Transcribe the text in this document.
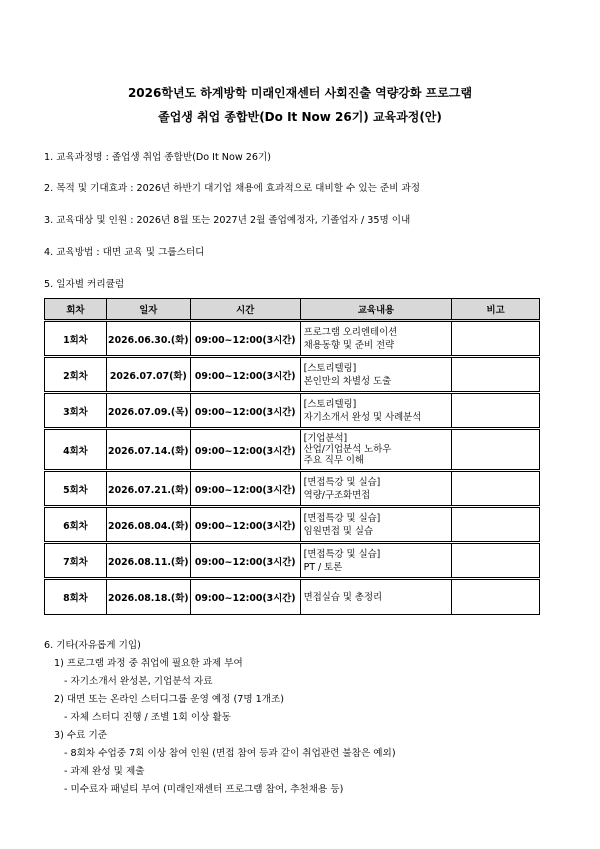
2026학년도 하계방학 미래인재센터 사회진출 역량강화 프로그램
졸업생 취업 종합반(Do It Now 26기) 교육과정(안)
1. 교육과정명 : 졸업생 취업 종합반(Do It Now 26기)
2. 목적 및 기대효과 : 2026년 하반기 대기업 채용에 효과적으로 대비할 수 있는 준비 과정
3. 교육대상 및 인원 : 2026년 8월 또는 2027년 2월 졸업예정자, 기졸업자 / 35명 이내
4. 교육방법 : 대면 교육 및 그룹스터디
5. 일자별 커리큘럼
회차	일자	시간	교육내용	비고
1회차	2026.06.30.(화)	09:00~12:00(3시간)	프로그램 오리엔테이션
채용동향 및 준비 전략	

2회차	2026.07.07(화)	09:00~12:00(3시간)	[스토리텔링]
본인만의 차별성 도출	

3회차	2026.07.09.(목)	09:00~12:00(3시간)	[스토리텔링]
자기소개서 완성 및 사례분석	

4회차	2026.07.14.(화)	09:00~12:00(3시간)	[기업분석]
산업/기업분석 노하우
주요 직무 이해	

5회차	2026.07.21.(화)	09:00~12:00(3시간)	[면접특강 및 실습]
역량/구조화면접	

6회차	2026.08.04.(화)	09:00~12:00(3시간)	[면접특강 및 실습]
임원면접 및 실습	

7회차	2026.08.11.(화)	09:00~12:00(3시간)	[면접특강 및 실습]
PT / 토론	

8회차	2026.08.18.(화)	09:00~12:00(3시간)	면접실습 및 총정리	

6. 기타(자유롭게 기입)
1) 프로그램 과정 중 취업에 필요한 과제 부여
- 자기소개서 완성본, 기업분석 자료
2) 대면 또는 온라인 스터디그룹 운영 예정 (7명 1개조)
- 자체 스터디 진행 / 조별 1회 이상 활동
3) 수료 기준
- 8회차 수업중 7회 이상 참여 인원 (면접 참여 등과 같이 취업관련 불참은 예외)
- 과제 완성 및 제출
- 미수료자 패널티 부여 (미래인재센터 프로그램 참여, 추천채용 등)
